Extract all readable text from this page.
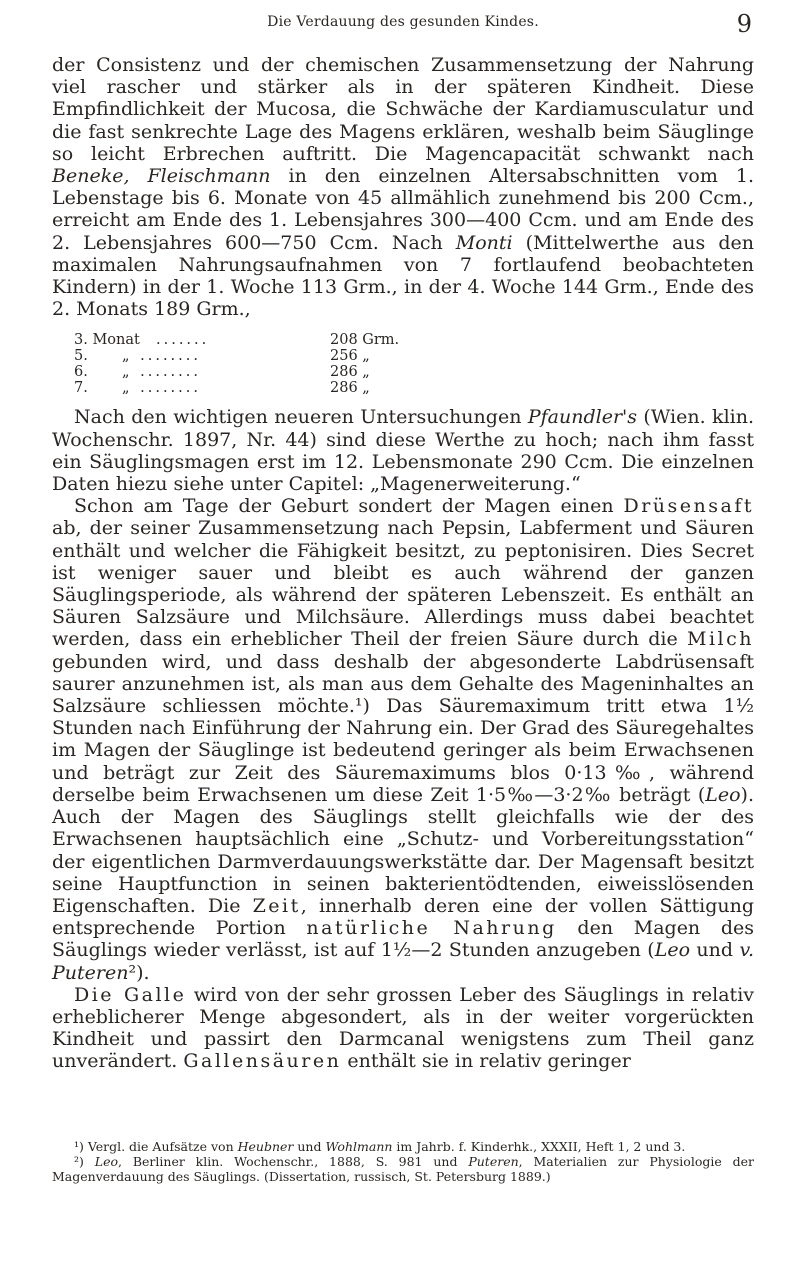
Die Verdauung des gesunden Kindes.	9

der Consistenz und der chemischen Zusammensetzung der Nahrung viel rascher und stärker als in der späteren Kindheit. Diese Empfindlichkeit der Mucosa, die Schwäche der Kardiamusculatur und die fast senkrechte Lage des Magens erklären, weshalb beim Säuglinge so leicht Erbrechen auftritt. Die Magencapacität schwankt nach Beneke, Fleischmann in den einzelnen Altersabschnitten vom 1. Lebenstage bis 6. Monate von 45 allmählich zunehmend bis 200 Ccm., erreicht am Ende des 1. Lebensjahres 300—400 Ccm. und am Ende des 2. Lebensjahres 600—750 Ccm. Nach Monti (Mittelwerthe aus den maximalen Nahrungsaufnahmen von 7 fortlaufend beobachteten Kindern) in der 1. Woche 113 Grm., in der 4. Woche 144 Grm., Ende des 2. Monats 189 Grm.,

3. Monat	.......	208 Grm.
5.	„ ........	256 „
6.	„ ........	286 „
7.	„ ........	286 „

Nach den wichtigen neueren Untersuchungen Pfaundler's (Wien. klin. Wochenschr. 1897, Nr. 44) sind diese Werthe zu hoch; nach ihm fasst ein Säuglingsmagen erst im 12. Lebensmonate 290 Ccm. Die einzelnen Daten hiezu siehe unter Capitel: „Magenerweiterung.“

Schon am Tage der Geburt sondert der Magen einen Drüsensaft ab, der seiner Zusammensetzung nach Pepsin, Labferment und Säuren enthält und welcher die Fähigkeit besitzt, zu peptonisiren. Dies Secret ist weniger sauer und bleibt es auch während der ganzen Säuglingsperiode, als während der späteren Lebenszeit. Es enthält an Säuren Salzsäure und Milchsäure. Allerdings muss dabei beachtet werden, dass ein erheblicher Theil der freien Säure durch die Milch gebunden wird, und dass deshalb der abgesonderte Labdrüsensaft saurer anzunehmen ist, als man aus dem Gehalte des Mageninhaltes an Salzsäure schliessen möchte.¹) Das Säuremaximum tritt etwa 1½ Stunden nach Einführung der Nahrung ein. Der Grad des Säuregehaltes im Magen der Säuglinge ist bedeutend geringer als beim Erwachsenen und beträgt zur Zeit des Säuremaximums blos 0·13‰, während derselbe beim Erwachsenen um diese Zeit 1·5‰—3·2‰ beträgt (Leo). Auch der Magen des Säuglings stellt gleichfalls wie der des Erwachsenen hauptsächlich eine „Schutz- und Vorbereitungsstation“ der eigentlichen Darmverdauungswerkstätte dar. Der Magensaft besitzt seine Hauptfunction in seinen bakterientödtenden, eiweisslösenden Eigenschaften. Die Zeit, innerhalb deren eine der vollen Sättigung entsprechende Portion natürliche Nahrung den Magen des Säuglings wieder verlässt, ist auf 1½—2 Stunden anzugeben (Leo und v. Puteren²).

Die Galle wird von der sehr grossen Leber des Säuglings in relativ erheblicherer Menge abgesondert, als in der weiter vorgerückten Kindheit und passirt den Darmcanal wenigstens zum Theil ganz unverändert. Gallensäuren enthält sie in relativ geringer

¹) Vergl. die Aufsätze von Heubner und Wohlmann im Jahrb. f. Kinderhk., XXXII, Heft 1, 2 und 3.

²) Leo, Berliner klin. Wochenschr., 1888, S. 981 und Puteren, Materialien zur Physiologie der Magenverdauung des Säuglings. (Dissertation, russisch, St. Petersburg 1889.)
